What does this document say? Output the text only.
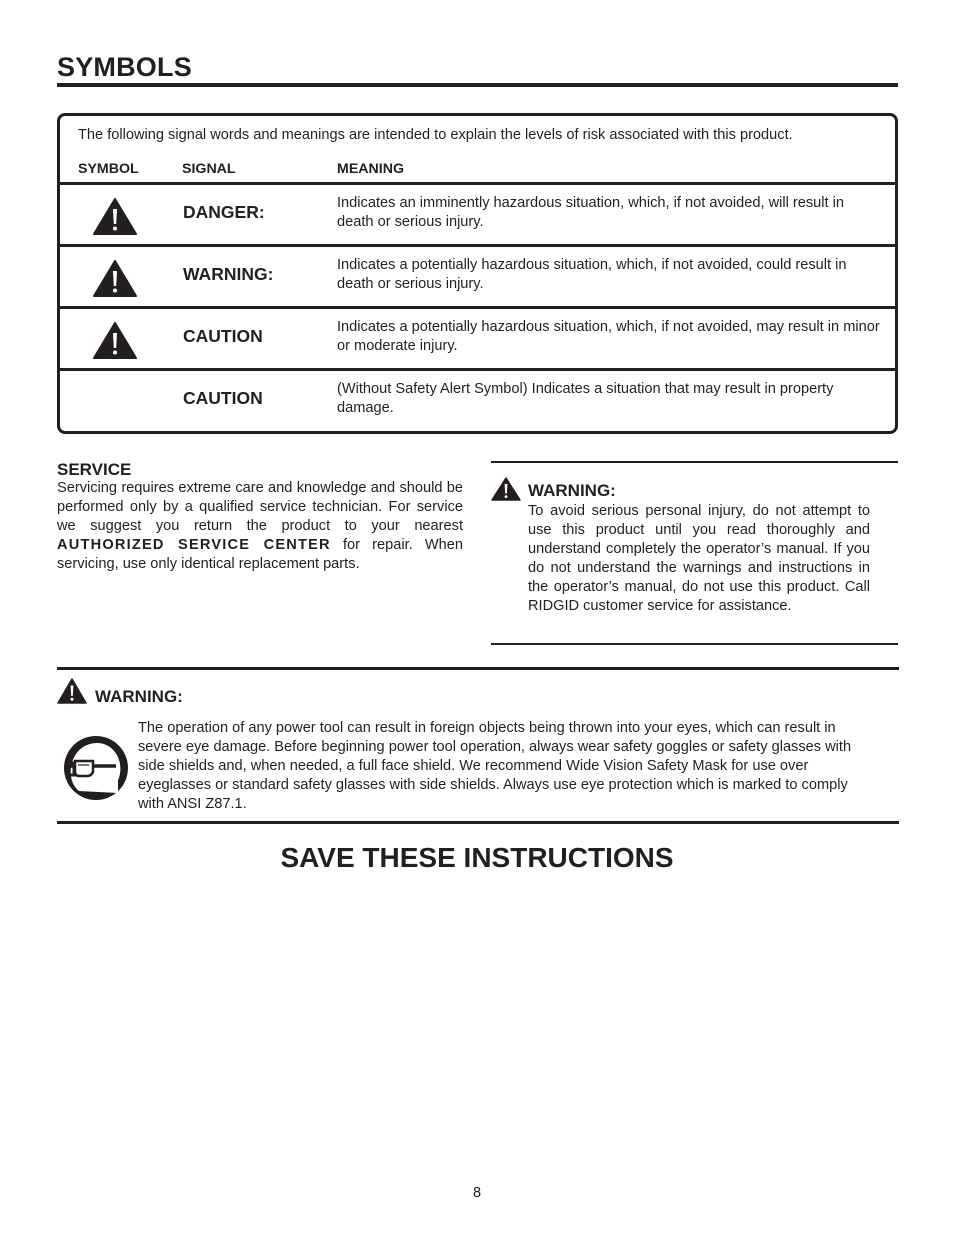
SYMBOLS
The following signal words and meanings are intended to explain the levels of risk associated with this product.
SYMBOL	SIGNAL	MEANING
DANGER:	Indicates an imminently hazardous situation, which, if not avoided, will result in death or serious injury.
WARNING:	Indicates a potentially hazardous situation, which, if not avoided, could result in death or serious injury.
CAUTION	Indicates a potentially hazardous situation, which, if not avoided, may result in minor or moderate injury.
CAUTION	(Without Safety Alert Symbol) Indicates a situation that may result in property damage.
SERVICE
Servicing requires extreme care and knowledge and should be performed only by a qualified service technician. For service we suggest you return the product to your nearest AUTHORIZED SERVICE CENTER for repair. When servicing, use only identical replacement parts.
WARNING:
To avoid serious personal injury, do not attempt to use this product until you read thoroughly and understand completely the operator’s manual. If you do not understand the warnings and instructions in the operator’s manual, do not use this product. Call RIDGID customer service for assistance.
WARNING:
The operation of any power tool can result in foreign objects being thrown into your eyes, which can result in severe eye damage. Before beginning power tool operation, always wear safety goggles or safety glasses with side shields and, when needed, a full face shield. We recommend Wide Vision Safety Mask for use over eyeglasses or standard safety glasses with side shields. Always use eye protection which is marked to comply with ANSI Z87.1.
SAVE THESE INSTRUCTIONS
8
